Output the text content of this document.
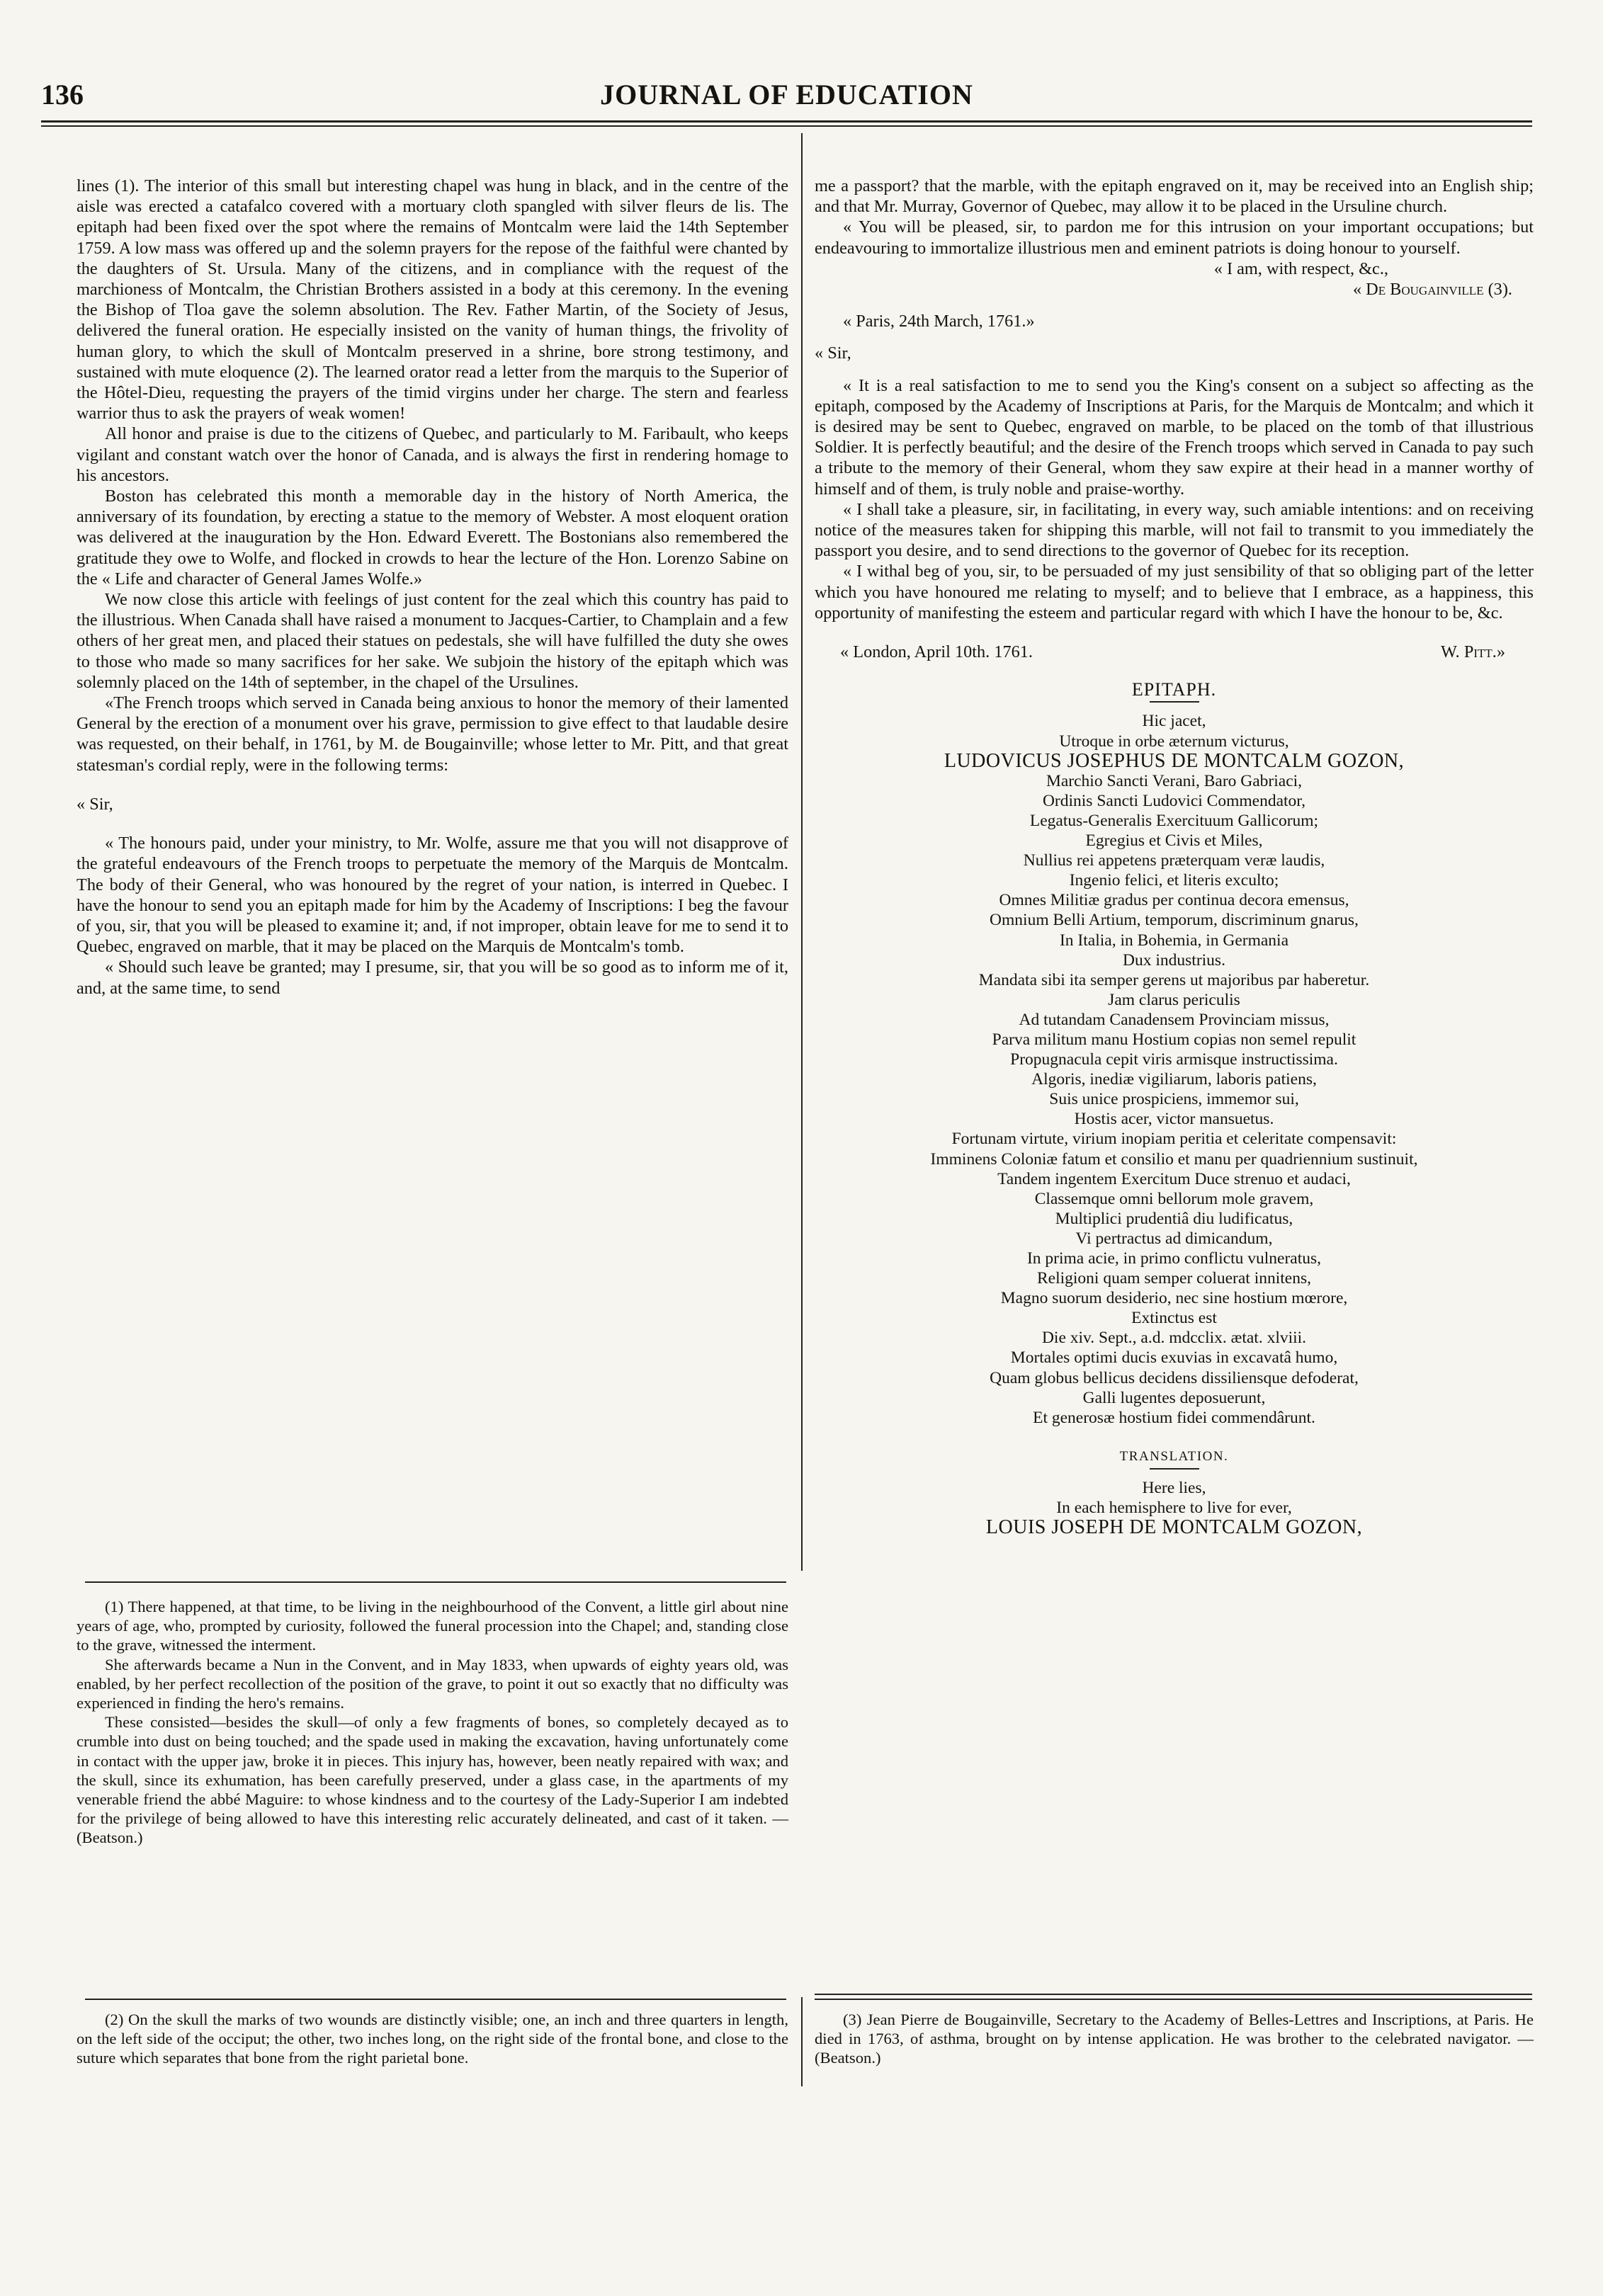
136	JOURNAL OF EDUCATION

lines (1). The interior of this small but interesting chapel was hung in black, and in the centre of the aisle was erected a catafalco covered with a mortuary cloth spangled with silver fleurs de lis. The epitaph had been fixed over the spot where the remains of Montcalm were laid the 14th September 1759. A low mass was offered up and the solemn prayers for the repose of the faithful were chanted by the daughters of St. Ursula. Many of the citizens, and in compliance with the request of the marchioness of Montcalm, the Christian Brothers assisted in a body at this ceremony. In the evening the Bishop of Tloa gave the solemn absolution. The Rev. Father Martin, of the Society of Jesus, delivered the funeral oration. He especially insisted on the vanity of human things, the frivolity of human glory, to which the skull of Montcalm preserved in a shrine, bore strong testimony, and sustained with mute eloquence (2). The learned orator read a letter from the marquis to the Superior of the Hôtel-Dieu, requesting the prayers of the timid virgins under her charge. The stern and fearless warrior thus to ask the prayers of weak women!

All honor and praise is due to the citizens of Quebec, and particularly to M. Faribault, who keeps vigilant and constant watch over the honor of Canada, and is always the first in rendering homage to his ancestors.

Boston has celebrated this month a memorable day in the history of North America, the anniversary of its foundation, by erecting a statue to the memory of Webster. A most eloquent oration was delivered at the inauguration by the Hon. Edward Everett. The Bostonians also remembered the gratitude they owe to Wolfe, and flocked in crowds to hear the lecture of the Hon. Lorenzo Sabine on the « Life and character of General James Wolfe.»

We now close this article with feelings of just content for the zeal which this country has paid to the illustrious. When Canada shall have raised a monument to Jacques-Cartier, to Champlain and a few others of her great men, and placed their statues on pedestals, she will have fulfilled the duty she owes to those who made so many sacrifices for her sake. We subjoin the history of the epitaph which was solemnly placed on the 14th of september, in the chapel of the Ursulines.

«The French troops which served in Canada being anxious to honor the memory of their lamented General by the erection of a monument over his grave, permission to give effect to that laudable desire was requested, on their behalf, in 1761, by M. de Bougainville; whose letter to Mr. Pitt, and that great statesman's cordial reply, were in the following terms:

« Sir,

« The honours paid, under your ministry, to Mr. Wolfe, assure me that you will not disapprove of the grateful endeavours of the French troops to perpetuate the memory of the Marquis de Montcalm. The body of their General, who was honoured by the regret of your nation, is interred in Quebec. I have the honour to send you an epitaph made for him by the Academy of Inscriptions: I beg the favour of you, sir, that you will be pleased to examine it; and, if not improper, obtain leave for me to send it to Quebec, engraved on marble, that it may be placed on the Marquis de Montcalm's tomb.

« Should such leave be granted; may I presume, sir, that you will be so good as to inform me of it, and, at the same time, to send

(1) There happened, at that time, to be living in the neighbourhood of the Convent, a little girl about nine years of age, who, prompted by curiosity, followed the funeral procession into the Chapel; and, standing close to the grave, witnessed the interment.

She afterwards became a Nun in the Convent, and in May 1833, when upwards of eighty years old, was enabled, by her perfect recollection of the position of the grave, to point it out so exactly that no difficulty was experienced in finding the hero's remains.

These consisted—besides the skull—of only a few fragments of bones, so completely decayed as to crumble into dust on being touched; and the spade used in making the excavation, having unfortunately come in contact with the upper jaw, broke it in pieces. This injury has, however, been neatly repaired with wax; and the skull, since its exhumation, has been carefully preserved, under a glass case, in the apartments of my venerable friend the abbé Maguire: to whose kindness and to the courtesy of the Lady-Superior I am indebted for the privilege of being allowed to have this interesting relic accurately delineated, and cast of it taken. —(Beatson.)

me a passport? that the marble, with the epitaph engraved on it, may be received into an English ship; and that Mr. Murray, Governor of Quebec, may allow it to be placed in the Ursuline church.

« You will be pleased, sir, to pardon me for this intrusion on your important occupations; but endeavouring to immortalize illustrious men and eminent patriots is doing honour to yourself.

« I am, with respect, &c.,

« De Bougainville (3).

« Paris, 24th March, 1761.»

« Sir,

« It is a real satisfaction to me to send you the King's consent on a subject so affecting as the epitaph, composed by the Academy of Inscriptions at Paris, for the Marquis de Montcalm; and which it is desired may be sent to Quebec, engraved on marble, to be placed on the tomb of that illustrious Soldier. It is perfectly beautiful; and the desire of the French troops which served in Canada to pay such a tribute to the memory of their General, whom they saw expire at their head in a manner worthy of himself and of them, is truly noble and praise-worthy.

« I shall take a pleasure, sir, in facilitating, in every way, such amiable intentions: and on receiving notice of the measures taken for shipping this marble, will not fail to transmit to you immediately the passport you desire, and to send directions to the governor of Quebec for its reception.

« I withal beg of you, sir, to be persuaded of my just sensibility of that so obliging part of the letter which you have honoured me relating to myself; and to believe that I embrace, as a happiness, this opportunity of manifesting the esteem and particular regard with which I have the honour to be, &c.

« London, April 10th. 1761.	W. Pitt.»
EPITAPH.
Hic jacet,
Utroque in orbe æternum victurus,
LUDOVICUS JOSEPHUS DE MONTCALM GOZON,
Marchio Sancti Verani, Baro Gabriaci,
Ordinis Sancti Ludovici Commendator,
Legatus-Generalis Exercituum Gallicorum;
Egregius et Civis et Miles,
Nullius rei appetens præterquam veræ laudis,
Ingenio felici, et literis exculto;
Omnes Militiæ gradus per continua decora emensus,
Omnium Belli Artium, temporum, discriminum gnarus,
In Italia, in Bohemia, in Germania
Dux industrius.
Mandata sibi ita semper gerens ut majoribus par haberetur.
Jam clarus periculis
Ad tutandam Canadensem Provinciam missus,
Parva militum manu Hostium copias non semel repulit
Propugnacula cepit viris armisque instructissima.
Algoris, inediæ vigiliarum, laboris patiens,
Suis unice prospiciens, immemor sui,
Hostis acer, victor mansuetus.
Fortunam virtute, virium inopiam peritia et celeritate compensavit:
Imminens Coloniæ fatum et consilio et manu per quadriennium sustinuit,
Tandem ingentem Exercitum Duce strenuo et audaci,
Classemque omni bellorum mole gravem,
Multiplici prudentiâ diu ludificatus,
Vi pertractus ad dimicandum,
In prima acie, in primo conflictu vulneratus,
Religioni quam semper coluerat innitens,
Magno suorum desiderio, nec sine hostium mœrore,
Extinctus est
Die xiv. Sept., a.d. mdcclix. ætat. xlviii.
Mortales optimi ducis exuvias in excavatâ humo,
Quam globus bellicus decidens dissiliensque defoderat,
Galli lugentes deposuerunt,
Et generosæ hostium fidei commendârunt.
TRANSLATION.
Here lies,
In each hemisphere to live for ever,
LOUIS JOSEPH DE MONTCALM GOZON,

(2) On the skull the marks of two wounds are distinctly visible; one, an inch and three quarters in length, on the left side of the occiput; the other, two inches long, on the right side of the frontal bone, and close to the suture which separates that bone from the right parietal bone.

(3) Jean Pierre de Bougainville, Secretary to the Academy of Belles-Lettres and Inscriptions, at Paris. He died in 1763, of asthma, brought on by intense application. He was brother to the celebrated navigator. —(Beatson.)
